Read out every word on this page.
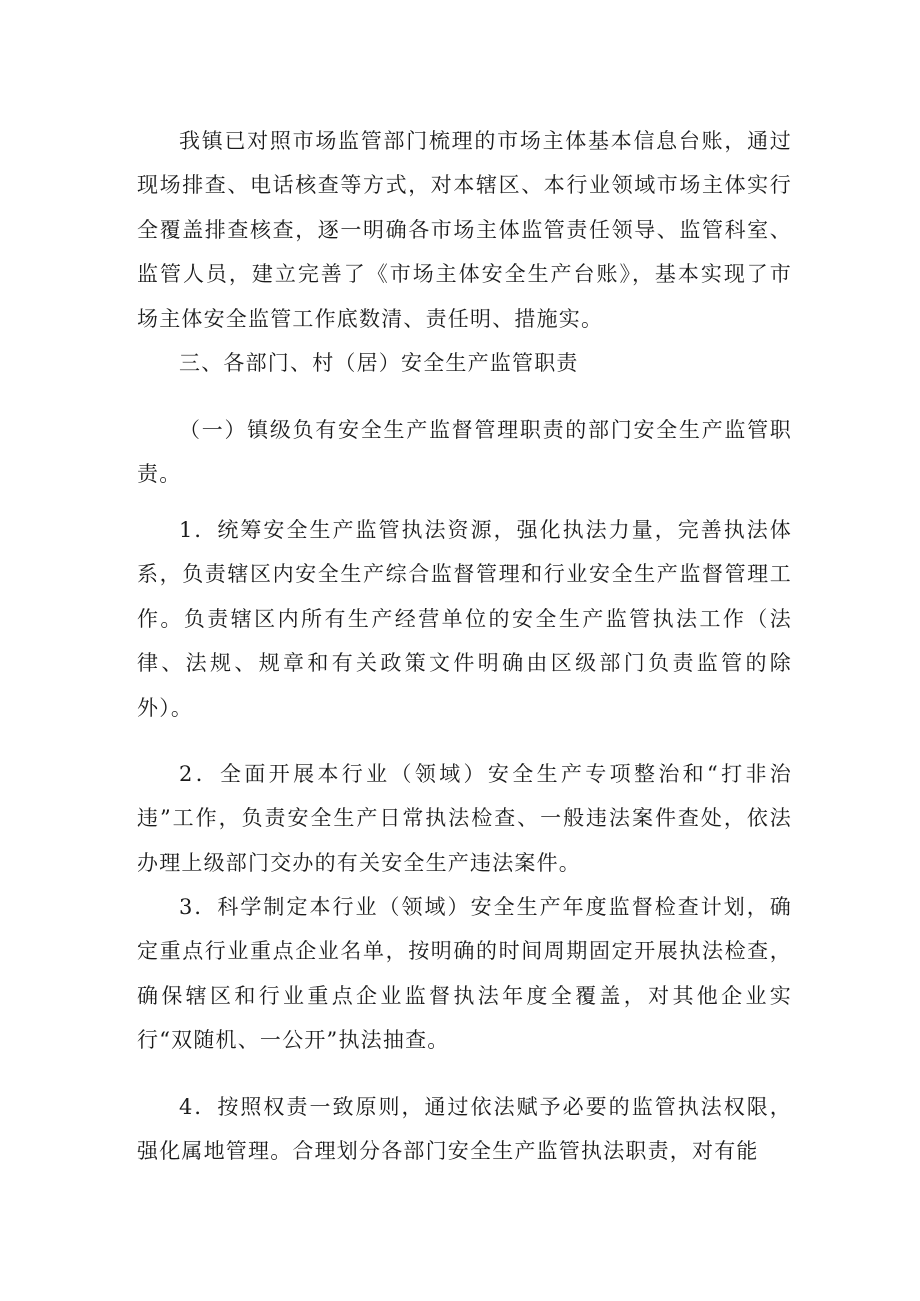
我镇已对照市场监管部门梳理的市场主体基本信息台账，通过现场排查、电话核查等方式，对本辖区、本行业领域市场主体实行全覆盖排查核查，逐一明确各市场主体监管责任领导、监管科室、监管人员，建立完善了《市场主体安全生产台账》，基本实现了市场主体安全监管工作底数清、责任明、措施实。

三、各部门、村（居）安全生产监管职责

（一）镇级负有安全生产监督管理职责的部门安全生产监管职责。

1．统筹安全生产监管执法资源，强化执法力量，完善执法体系，负责辖区内安全生产综合监督管理和行业安全生产监督管理工作。负责辖区内所有生产经营单位的安全生产监管执法工作（法律、法规、规章和有关政策文件明确由区级部门负责监管的除外）。

2．全面开展本行业（领域）安全生产专项整治和“打非治违”工作，负责安全生产日常执法检查、一般违法案件查处，依法办理上级部门交办的有关安全生产违法案件。

3．科学制定本行业（领域）安全生产年度监督检查计划，确定重点行业重点企业名单，按明确的时间周期固定开展执法检查，确保辖区和行业重点企业监督执法年度全覆盖，对其他企业实行“双随机、一公开”执法抽查。

4．按照权责一致原则，通过依法赋予必要的监管执法权限，强化属地管理。合理划分各部门安全生产监管执法职责，对有能
